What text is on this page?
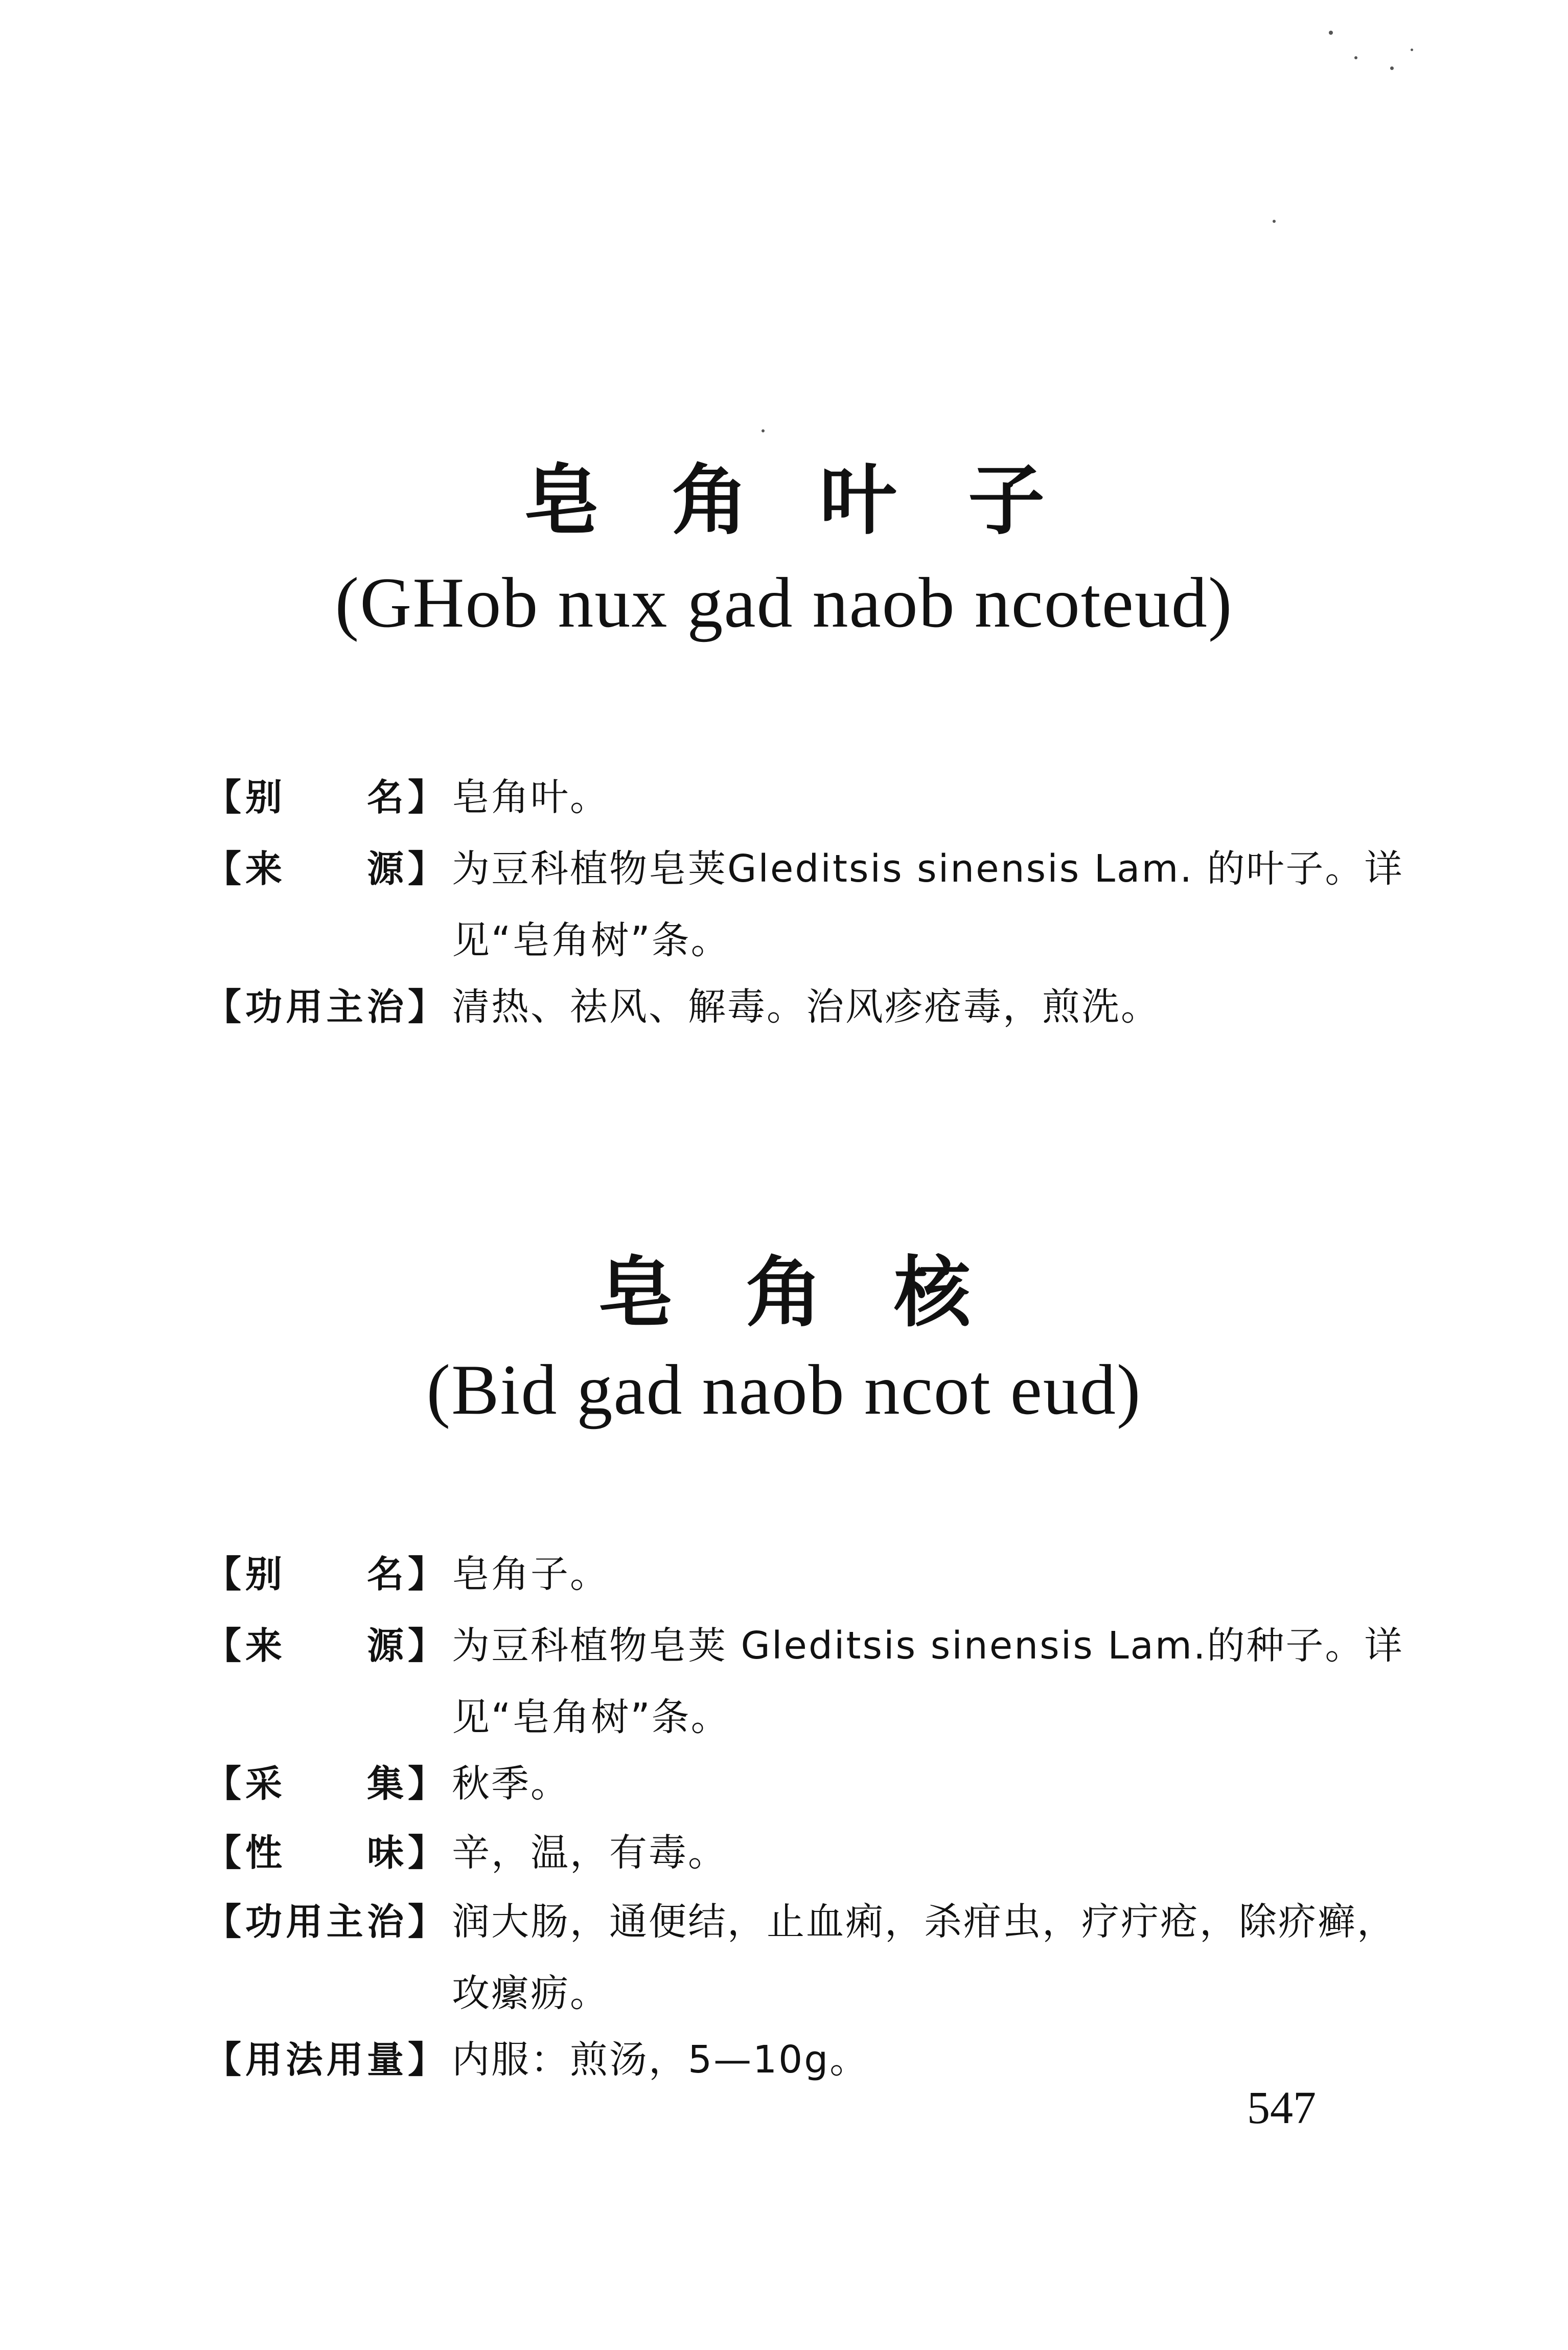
皂 角 叶 子
(GHob nux gad naob ncoteud)
【 别 名 】 皂角叶。
【 来 源 】 为豆科植物皂荚Gleditsis sinensis Lam. 的叶子。详见“皂角树”条。
【 功 用 主 治 】 清热、祛风、解毒。治风疹疮毒，煎洗。
皂 角 核
(Bid gad naob ncot eud)
【 别 名 】 皂角子。
【 来 源 】 为豆科植物皂荚 Gleditsis sinensis Lam.的种子。详见“皂角树”条。
【 采 集 】 秋季。
【 性 味 】 辛，温，有毒。
【 功 用 主 治 】 润大肠，通便结，止血痢，杀疳虫，疗疔疮，除疥癣，攻瘰疬。
【 用 法 用 量 】 内服：煎汤，5—10g。
547
